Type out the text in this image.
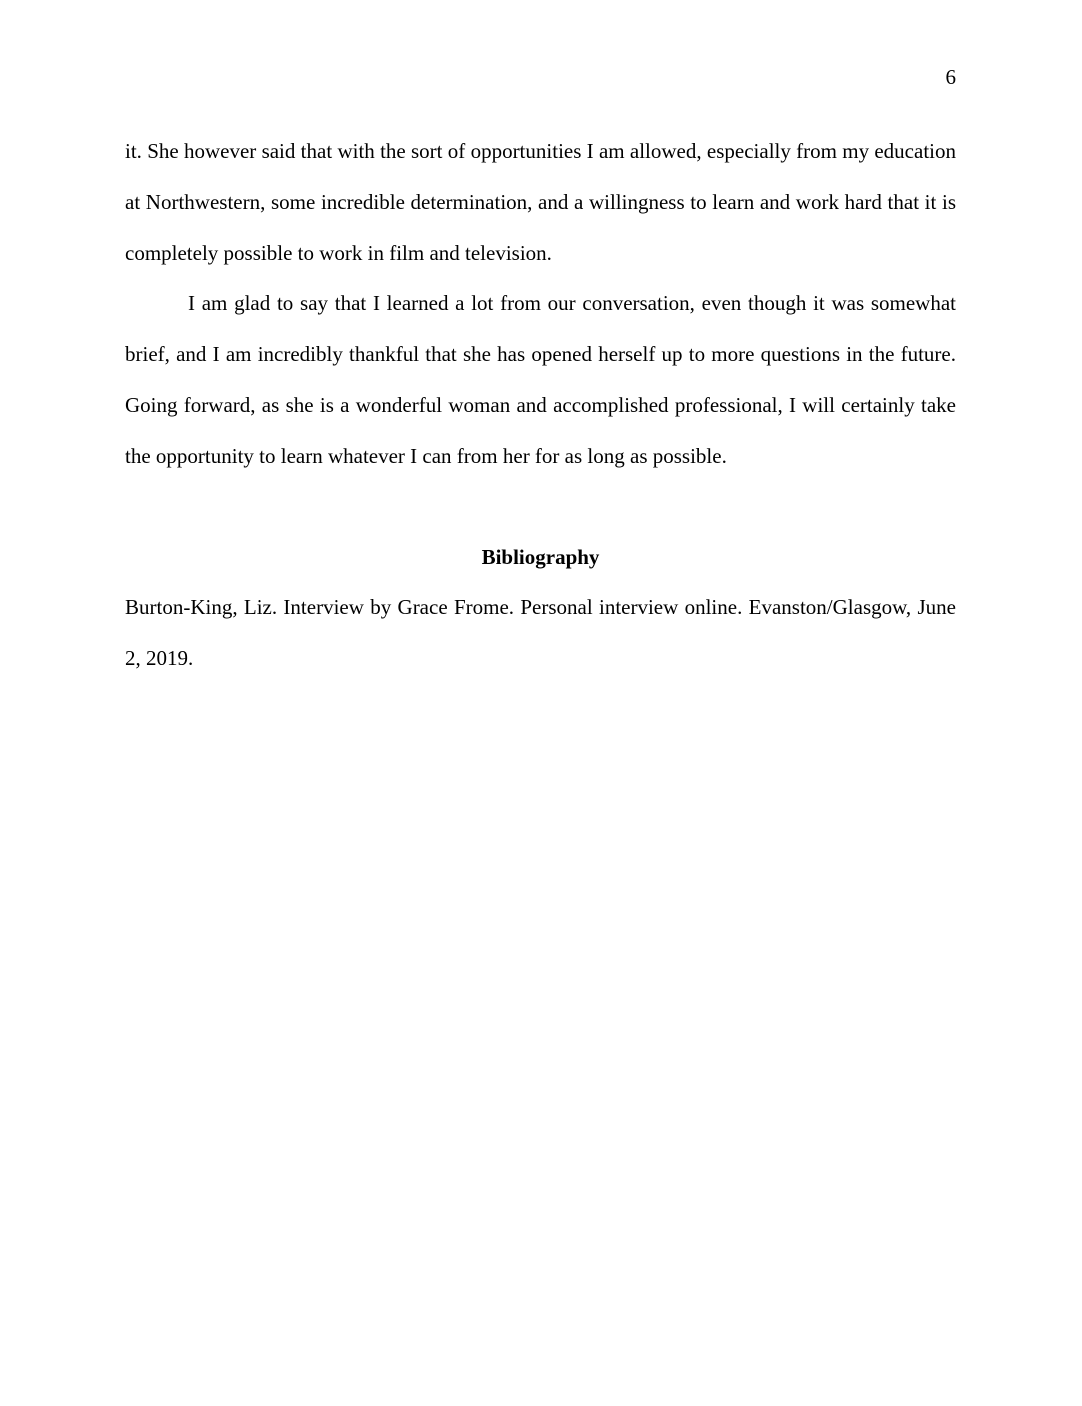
6

it. She however said that with the sort of opportunities I am allowed, especially from my education at Northwestern, some incredible determination, and a willingness to learn and work hard that it is completely possible to work in film and television.

I am glad to say that I learned a lot from our conversation, even though it was somewhat brief, and I am incredibly thankful that she has opened herself up to more questions in the future. Going forward, as she is a wonderful woman and accomplished professional, I will certainly take the opportunity to learn whatever I can from her for as long as possible.

Bibliography

Burton-King, Liz. Interview by Grace Frome. Personal interview online. Evanston/Glasgow, June 2, 2019.
